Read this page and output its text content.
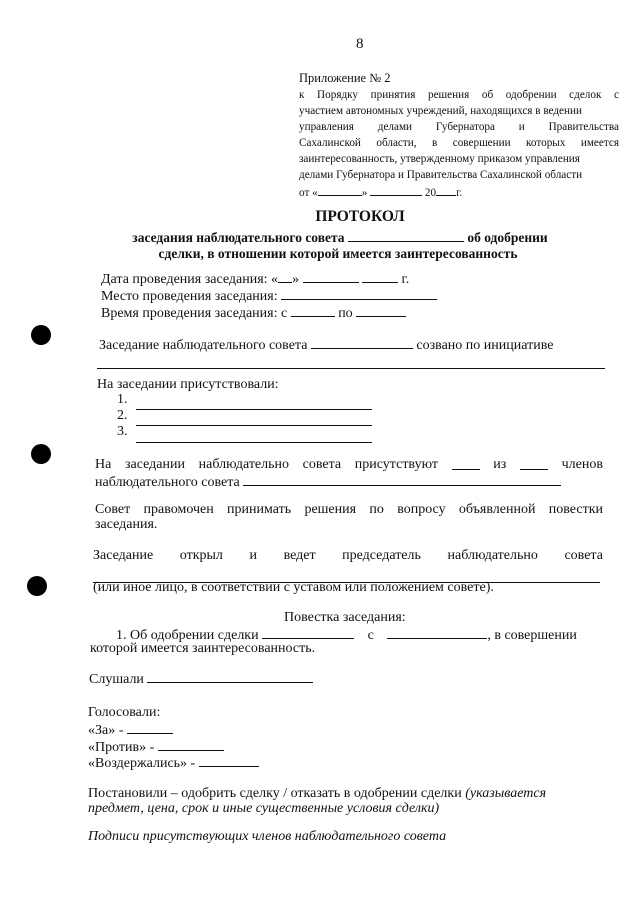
8
Приложение № 2
к Порядку принятия решения об одобрении сделок с
участием автономных учреждений, находящихся в ведении
управления делами Губернатора и Правительства
Сахалинской области, в совершении которых имеется
заинтересованность, утвержденному приказом управления
делами Губернатора и Правительства Сахалинской области
от «	»	20 г.
ПРОТОКОЛ
заседания наблюдательного совета	об одобрении
сделки, в отношении которой имеется заинтересованность
Дата проведения заседания: « »	г.
Место проведения заседания:
Время проведения заседания: с	по
Заседание наблюдательного совета	созвано по инициативе
На заседании присутствовали:
1.
2.
3.
На заседании наблюдательно совета присутствуют	из	членов
наблюдательного совета
Совет правомочен принимать решения по вопросу объявленной повестки
заседания.
Заседание открыл и ведет председатель наблюдательно совета
(или иное лицо, в соответствии с уставом или положением совете).
Повестка заседания:
1. Об одобрении сделки	с	, в совершении
которой имеется заинтересованность.
Слушали
Голосовали:
«За» -
«Против» -
«Воздержались» -
Постановили – одобрить сделку / отказать в одобрении сделки (указывается
предмет, цена, срок и иные существенные условия сделки)
Подписи присутствующих членов наблюдательного совета
